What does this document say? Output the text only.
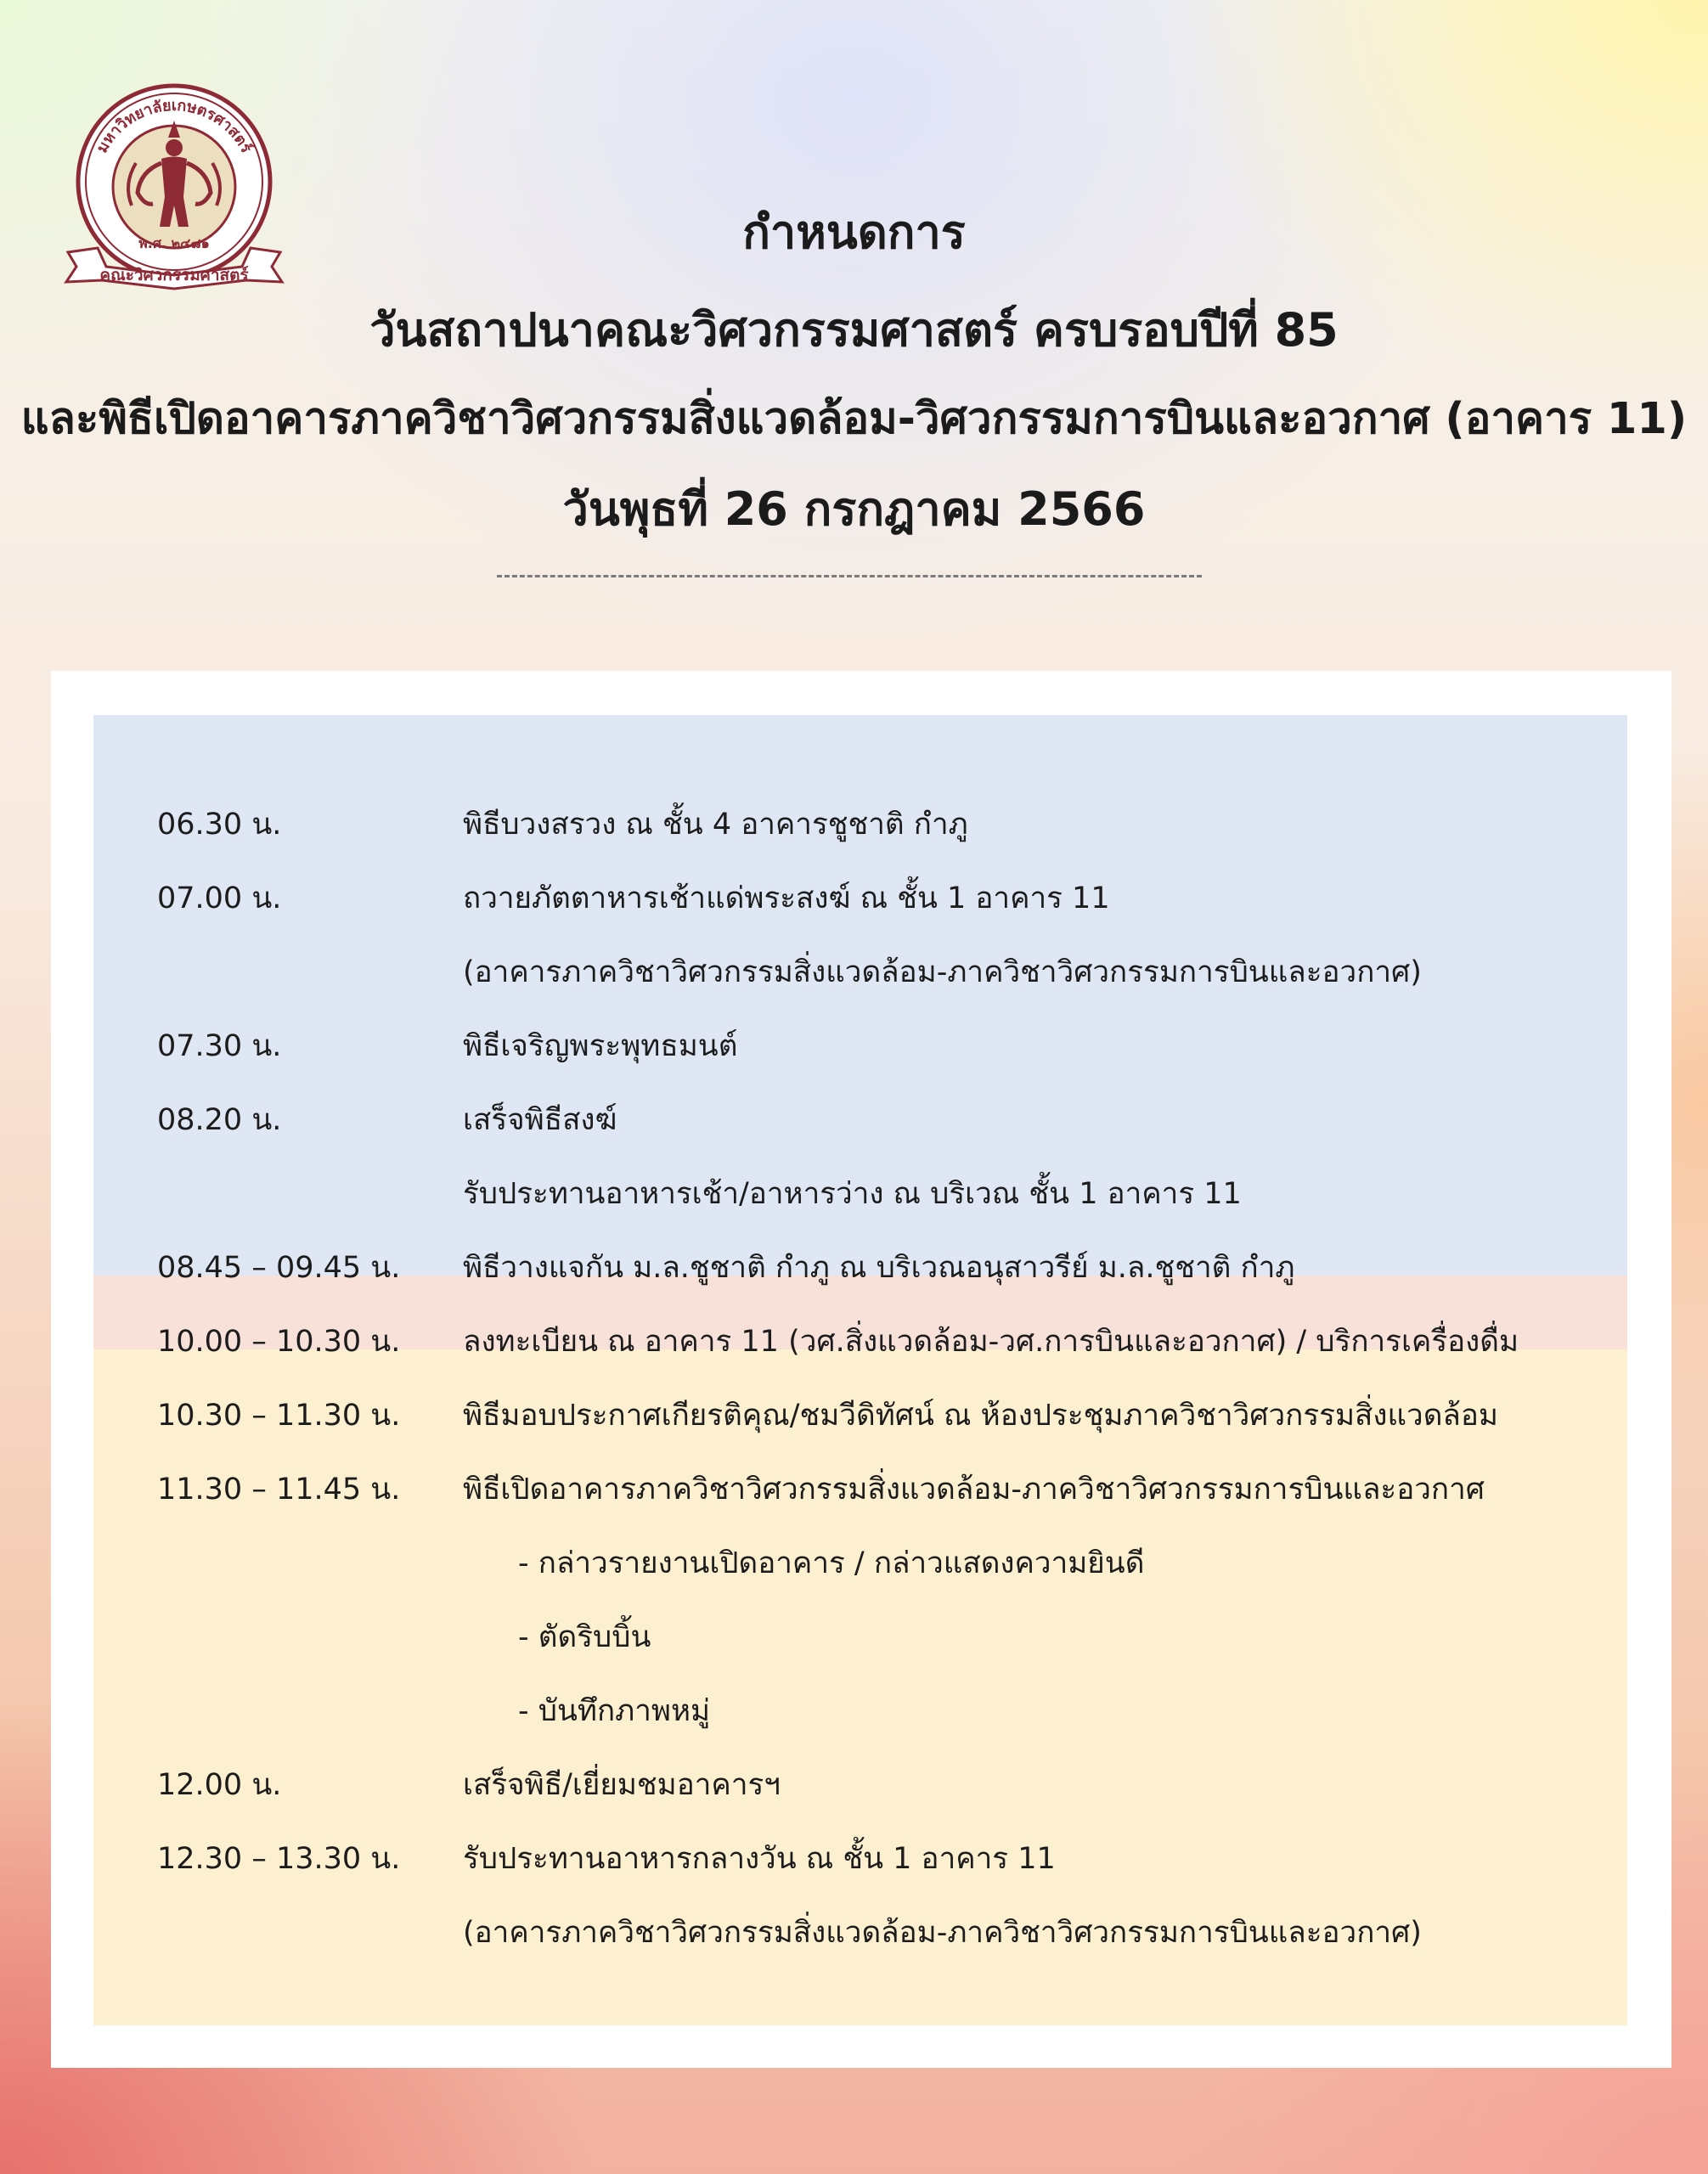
มหาวิทยาลัยเกษตรศาสตร์
พ.ศ. ๒๔๘๑
คณะวิศวกรรมศาสตร์
กำหนดการ
วันสถาปนาคณะวิศวกรรมศาสตร์ ครบรอบปีที่ 85
และพิธีเปิดอาคารภาควิชาวิศวกรรมสิ่งแวดล้อม-วิศวกรรมการบินและอวกาศ (อาคาร 11)
วันพุธที่ 26 กรกฎาคม 2566
06.30 น.	พิธีบวงสรวง ณ ชั้น 4 อาคารชูชาติ กำภู
07.00 น.	ถวายภัตตาหารเช้าแด่พระสงฆ์ ณ ชั้น 1 อาคาร 11
(อาคารภาควิชาวิศวกรรมสิ่งแวดล้อม-ภาควิชาวิศวกรรมการบินและอวกาศ)
07.30 น.	พิธีเจริญพระพุทธมนต์
08.20 น.	เสร็จพิธีสงฆ์
รับประทานอาหารเช้า/อาหารว่าง ณ บริเวณ ชั้น 1 อาคาร 11
08.45 – 09.45 น. พิธีวางแจกัน ม.ล.ชูชาติ กำภู ณ บริเวณอนุสาวรีย์ ม.ล.ชูชาติ กำภู
10.00 – 10.30 น. ลงทะเบียน ณ อาคาร 11 (วศ.สิ่งแวดล้อม-วศ.การบินและอวกาศ) / บริการเครื่องดื่ม
10.30 – 11.30 น. พิธีมอบประกาศเกียรติคุณ/ชมวีดิทัศน์ ณ ห้องประชุมภาควิชาวิศวกรรมสิ่งแวดล้อม
11.30 – 11.45 น. พิธีเปิดอาคารภาควิชาวิศวกรรมสิ่งแวดล้อม-ภาควิชาวิศวกรรมการบินและอวกาศ
- กล่าวรายงานเปิดอาคาร / กล่าวแสดงความยินดี
- ตัดริบบิ้น
- บันทึกภาพหมู่
12.00 น.	เสร็จพิธี/เยี่ยมชมอาคารฯ
12.30 – 13.30 น. รับประทานอาหารกลางวัน ณ ชั้น 1 อาคาร 11
(อาคารภาควิชาวิศวกรรมสิ่งแวดล้อม-ภาควิชาวิศวกรรมการบินและอวกาศ)
